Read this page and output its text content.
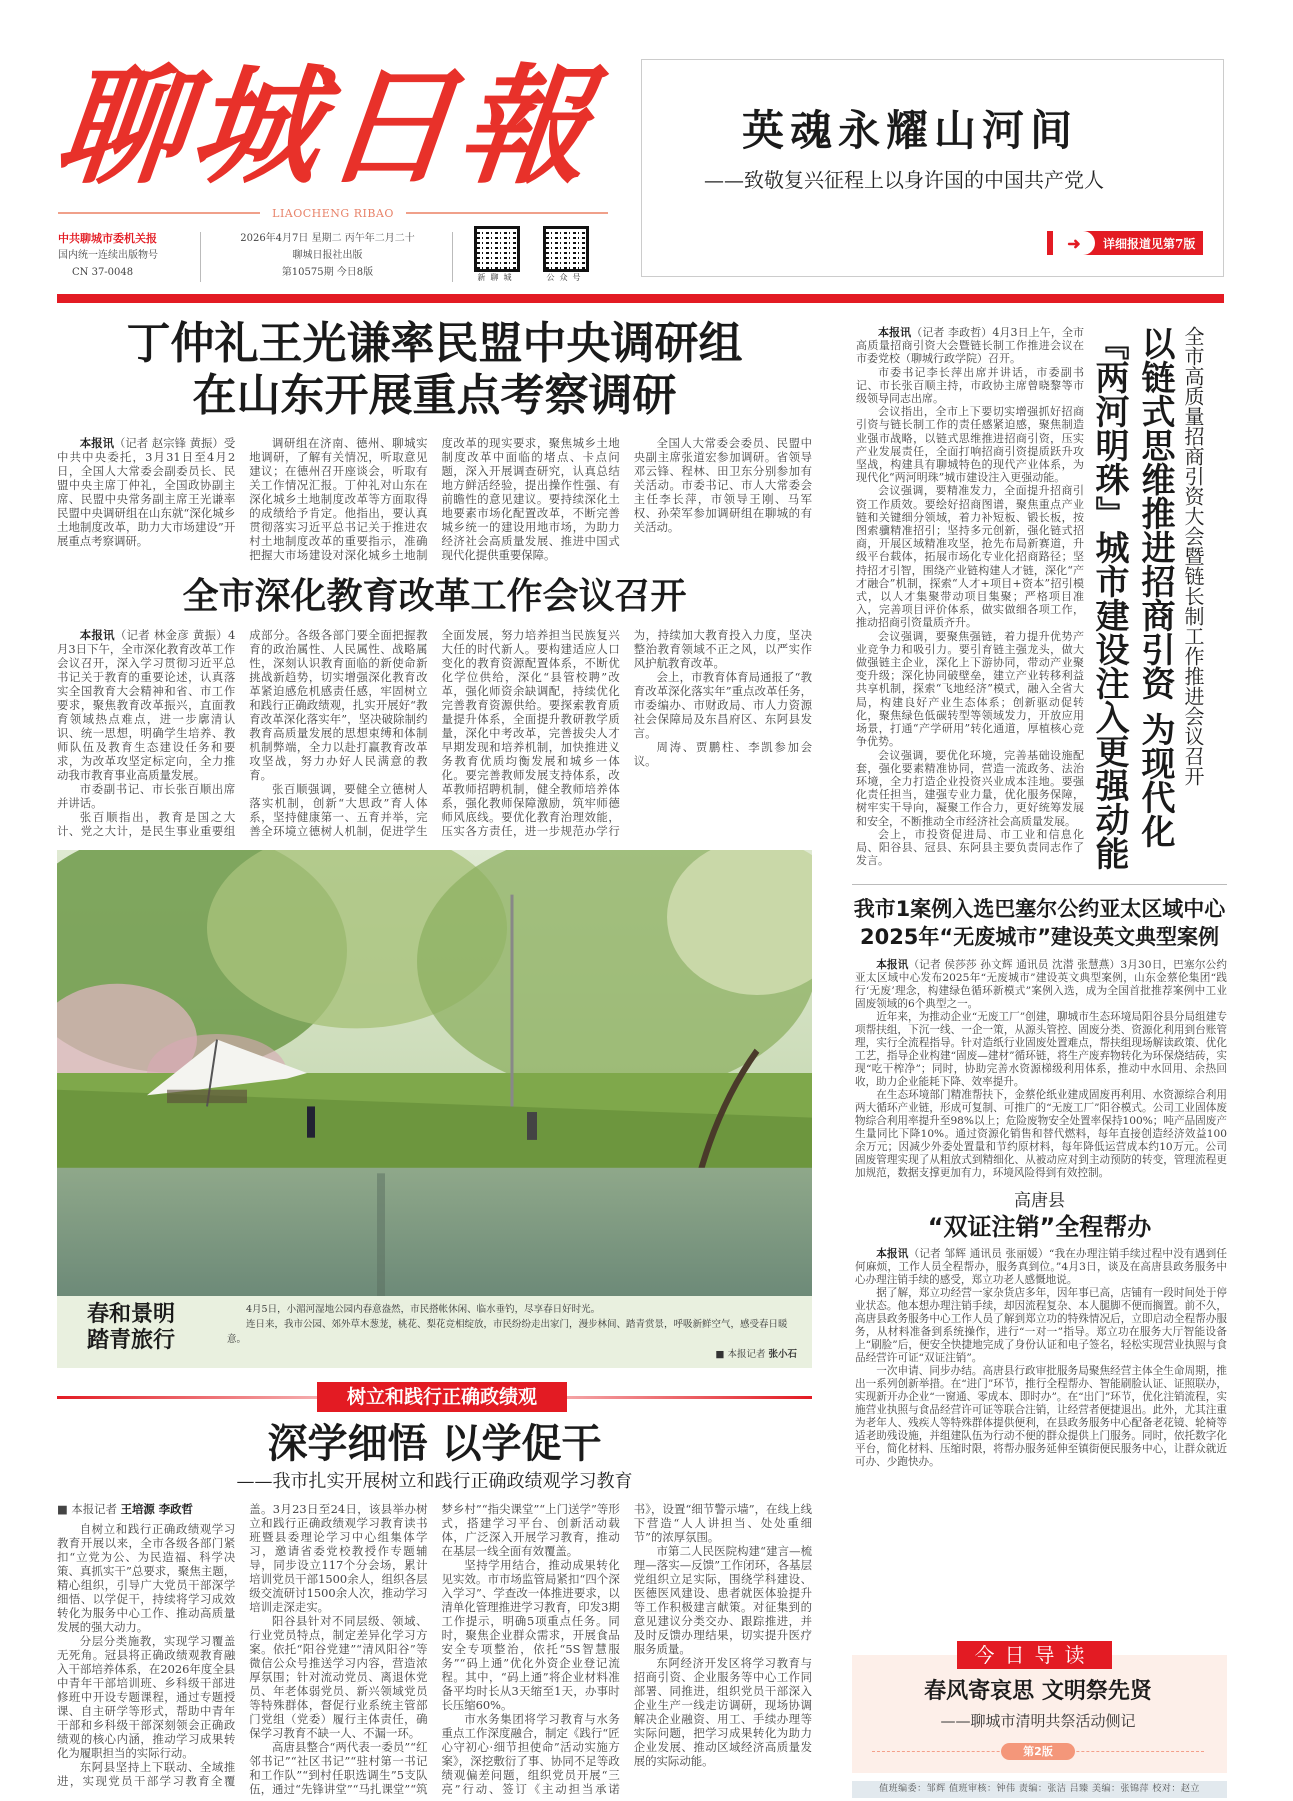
聊城日報
LIAOCHENG RIBAO
中共聊城市委机关报
国内统一连续出版物号
CN 37-0048
2026年4月7日 星期二 丙午年二月二十
聊城日报社出版
第10575期 今日8版	新聊城	公众号
英魂永耀山河间
——致敬复兴征程上以身许国的中国共产党人
➜	详细报道见第7版
丁仲礼王光谦率民盟中央调研组
在山东开展重点考察调研

本报讯（记者 赵宗锋 黄振）受中共中央委托，3月31日至4月2日，全国人大常委会副委员长、民盟中央主席丁仲礼，全国政协副主席、民盟中央常务副主席王光谦率民盟中央调研组在山东就“深化城乡土地制度改革，助力大市场建设”开展重点考察调研。

调研组在济南、德州、聊城实地调研，了解有关情况，听取意见建议；在德州召开座谈会，听取有关工作情况汇报。丁仲礼对山东在深化城乡土地制度改革等方面取得的成绩给予肯定。他指出，要认真贯彻落实习近平总书记关于推进农村土地制度改革的重要指示，准确把握大市场建设对深化城乡土地制度改革的现实要求，聚焦城乡土地制度改革中面临的堵点、卡点问题，深入开展调查研究，认真总结地方鲜活经验，提出操作性强、有前瞻性的意见建议。要持续深化土地要素市场化配置改革，不断完善城乡统一的建设用地市场，为助力经济社会高质量发展、推进中国式现代化提供重要保障。

全国人大常委会委员、民盟中央副主席张道宏参加调研。省领导邓云锋、程林、田卫东分别参加有关活动。市委书记、市人大常委会主任李长萍，市领导王刚、马军权、孙荣军参加调研组在聊城的有关活动。

全市深化教育改革工作会议召开

本报讯（记者 林金彦 黄振）4月3日下午，全市深化教育改革工作会议召开，深入学习贯彻习近平总书记关于教育的重要论述，认真落实全国教育大会精神和省、市工作要求，聚焦教育改革振兴，直面教育领域热点难点，进一步廓清认识、统一思想，明确学生培养、教师队伍及教育生态建设任务和要求，为改革攻坚定标定向，全力推动我市教育事业高质量发展。

市委副书记、市长张百顺出席并讲话。

张百顺指出，教育是国之大计、党之大计，是民生事业重要组成部分。各级各部门要全面把握教育的政治属性、人民属性、战略属性，深刻认识教育面临的新使命新挑战新趋势，切实增强深化教育改革紧迫感危机感责任感，牢固树立和践行正确政绩观，扎实开展好“教育改革深化落实年”，坚决破除制约教育高质量发展的思想束缚和体制机制弊端，全力以赴打赢教育改革攻坚战，努力办好人民满意的教育。

张百顺强调，要健全立德树人落实机制，创新“大思政”育人体系，坚持健康第一、五育并举，完善全环境立德树人机制，促进学生全面发展，努力培养担当民族复兴大任的时代新人。要构建适应人口变化的教育资源配置体系，不断优化学位供给，深化“县管校聘”改革，强化师资余缺调配，持续优化完善教育资源供给。要探索教育质量提升体系，全面提升教研教学质量，深化中考改革，完善拔尖人才早期发现和培养机制，加快推进义务教育优质均衡发展和城乡一体化。要完善教师发展支持体系，改革教师招聘机制，健全教师培养体系，强化教师保障激励，筑牢师德师风底线。要优化教育治理效能，压实各方责任，进一步规范办学行为，持续加大教育投入力度，坚决整治教育领域不正之风，以严实作风护航教育改革。

会上，市教育体育局通报了“教育改革深化落实年”重点改革任务，市委编办、市财政局、市人力资源社会保障局及东昌府区、东阿县发言。

周涛、贾鹏柱、李凯参加会议。

春和景明
踏青旅行

4月5日，小湄河湿地公园内春意盎然，市民搭帐休闲、临水垂钓，尽享春日好时光。

连日来，我市公园、郊外草木葱茏，桃花、梨花竞相绽放，市民纷纷走出家门，漫步林间、踏青赏景，呼吸新鲜空气，感受春日暖意。

■ 本报记者 张小石

树立和践行正确政绩观
深学细悟 以学促干
——我市扎实开展树立和践行正确政绩观学习教育

■ 本报记者 王培源 李政哲

自树立和践行正确政绩观学习教育开展以来，全市各级各部门紧扣“立党为公、为民造福、科学决策、真抓实干”总要求，聚焦主题，精心组织，引导广大党员干部深学细悟、以学促干，持续将学习成效转化为服务中心工作、推动高质量发展的强大动力。

分层分类施教，实现学习覆盖无死角。冠县将正确政绩观教育融入干部培养体系，在2026年度全县中青年干部培训班、乡科级干部进修班中开设专题课程，通过专题授课、自主研学等形式，帮助中青年干部和乡科级干部深刻领会正确政绩观的核心内涵，推动学习成果转化为履职担当的实际行动。

东阿县坚持上下联动、全域推进，实现党员干部学习教育全覆盖。3月23日至24日，该县举办树立和践行正确政绩观学习教育读书班暨县委理论学习中心组集体学习，邀请省委党校教授作专题辅导，同步设立117个分会场，累计培训党员干部1500余人，组织各层级交流研讨1500余人次，推动学习培训走深走实。

阳谷县针对不同层级、领域、行业党员特点，制定差异化学习方案。依托“阳谷党建”“清风阳谷”等微信公众号推送学习内容，营造浓厚氛围；针对流动党员、离退休党员、年老体弱党员、新兴领域党员等特殊群体，督促行业系统主管部门党组（党委）履行主体责任，确保学习教育不缺一人、不漏一环。

高唐县整合“两代表一委员”“红邻书记”“社区书记”“驻村第一书记和工作队”“到村任职选调生”5支队伍，通过“先锋讲堂”“马扎课堂”“筑梦乡村”“指尖课堂”“上门送学”等形式，搭建学习平台、创新活动载体，广泛深入开展学习教育，推动在基层一线全面有效覆盖。

坚持学用结合，推动成果转化见实效。市市场监管局紧扣“四个深入学习”、学查改一体推进要求，以清单化管理推进学习教育，印发3期工作提示，明确5项重点任务。同时，聚焦企业群众需求，开展食品安全专项整治，依托“5S智慧服务”“码上通”优化外资企业登记流程。其中，“码上通”将企业材料准备平均时长从3天缩至1天，办事时长压缩60%。

市水务集团将学习教育与水务重点工作深度融合，制定《践行“匠心守初心·细节担使命”活动实施方案》，深挖敷衍了事、协同不足等政绩观偏差问题，组织党员开展“三亮”行动、签订《主动担当承诺书》，设置“细节警示墙”，在线上线下营造“人人讲担当、处处重细节”的浓厚氛围。

市第二人民医院构建“建言—梳理—落实—反馈”工作闭环，各基层党组织立足实际，围绕学科建设、医德医风建设、患者就医体验提升等工作积极建言献策。对征集到的意见建议分类交办、跟踪推进，并及时反馈办理结果，切实提升医疗服务质量。

东阿经济开发区将学习教育与招商引资、企业服务等中心工作同部署、同推进，组织党员干部深入企业生产一线走访调研，现场协调解决企业融资、用工、手续办理等实际问题，把学习成果转化为助力企业发展、推动区域经济高质量发展的实际动能。

本报讯（记者 李政哲）4月3日上午，全市高质量招商引资大会暨链长制工作推进会议在市委党校（聊城行政学院）召开。

市委书记李长萍出席并讲话，市委副书记、市长张百顺主持，市政协主席曾晓黎等市级领导同志出席。

会议指出，全市上下要切实增强抓好招商引资与链长制工作的责任感紧迫感，聚焦制造业强市战略，以链式思维推进招商引资，压实产业发展责任，全面打响招商引资提质跃升攻坚战，构建具有聊城特色的现代产业体系，为现代化“两河明珠”城市建设注入更强动能。

会议强调，要精准发力，全面提升招商引资工作质效。要绘好招商图谱，聚焦重点产业链和关键细分领域，着力补短板、锻长板，按图索骥精准招引；坚持多元创新，强化链式招商，开展区域精准攻坚，抢先布局新赛道，升级平台载体，拓展市场化专业化招商路径；坚持招才引智，围绕产业链构建人才链，深化“产才融合”机制，探索“人才+项目+资本”招引模式，以人才集聚带动项目集聚；严格项目准入，完善项目评价体系，做实做细各项工作，推动招商引资量质齐升。

会议强调，要聚焦强链，着力提升优势产业竞争力和吸引力。要引育链主强龙头，做大做强链主企业，深化上下游协同，带动产业聚变升级；深化协同破壁垒，建立产业转移利益共享机制，探索“飞地经济”模式，融入全省大局，构建良好产业生态体系；创新驱动促转化，聚焦绿色低碳转型等领域发力，开放应用场景，打通“产学研用”转化通道，厚植核心竞争优势。

会议强调，要优化环境，完善基础设施配套，强化要素精准协同，营造一流政务、法治环境，全力打造企业投资兴业成本洼地。要强化责任担当，建强专业力量，优化服务保障，树牢实干导向，凝聚工作合力，更好统筹发展和安全，不断推动全市经济社会高质量发展。

会上，市投资促进局、市工业和信息化局、阳谷县、冠县、东阿县主要负责同志作了发言。	『两河明珠』城市建设注入更强动能 以链式思维推进招商引资 为现代化 全市高质量招商引资大会暨链长制工作推进会议召开
我市1案例入选巴塞尔公约亚太区域中心
2025年“无废城市”建设英文典型案例

本报讯（记者 侯莎莎 孙文辉 通讯员 沈潜 张慧燕）3月30日，巴塞尔公约亚太区域中心发布2025年“无废城市”建设英文典型案例，山东金蔡伦集团“践行‘无废’理念，构建绿色循环新模式”案例入选，成为全国首批推荐案例中工业固废领域的6个典型之一。

近年来，为推动企业“无废工厂”创建，聊城市生态环境局阳谷县分局组建专项帮扶组，下沉一线、一企一策，从源头管控、固废分类、资源化利用到台账管理，实行全流程指导。针对造纸行业固废处置难点，帮扶组现场解读政策、优化工艺，指导企业构建“固废—建材”循环链，将生产废弃物转化为环保烧结砖，实现“吃干榨净”；同时，协助完善水资源梯级利用体系，推动中水回用、余热回收，助力企业能耗下降、效率提升。

在生态环境部门精准帮扶下，金蔡伦纸业建成固废再利用、水资源综合利用两大循环产业链，形成可复制、可推广的“无废工厂”阳谷模式。公司工业固体废物综合利用率提升至98%以上；危险废物安全处置率保持100%；吨产品固废产生量同比下降10%。通过资源化销售和替代燃料，每年直接创造经济效益100余万元；因减少外委处置量和节约原材料，每年降低运营成本约10万元。公司固废管理实现了从粗放式到精细化、从被动应对到主动预防的转变，管理流程更加规范，数据支撑更加有力，环境风险得到有效控制。

高唐县
“双证注销”全程帮办

本报讯（记者 邹辉 通讯员 张丽媛）“我在办理注销手续过程中没有遇到任何麻烦，工作人员全程帮办，服务真到位。”4月3日，谈及在高唐县政务服务中心办理注销手续的感受，郑立功老人感慨地说。

据了解，郑立功经营一家杂货店多年，因年事已高，店铺有一段时间处于停业状态。他本想办理注销手续，却因流程复杂、本人腿脚不便而搁置。前不久，高唐县政务服务中心工作人员了解到郑立功的特殊情况后，立即启动全程帮办服务，从材料准备到系统操作，进行“一对一”指导。郑立功在服务大厅智能设备上“刷脸”后，便安全快捷地完成了身份认证和电子签名，轻松实现营业执照与食品经营许可证“双证注销”。

一次申请、同步办结。高唐县行政审批服务局聚焦经营主体全生命周期，推出一系列创新举措。在“进门”环节，推行全程帮办、智能刷脸认证、证照联办，实现新开办企业“一窗通、零成本、即时办”。在“出门”环节，优化注销流程，实施营业执照与食品经营许可证等联合注销，让经营者便捷退出。此外，尤其注重为老年人、残疾人等特殊群体提供便利，在县政务服务中心配备老花镜、轮椅等适老助残设施，并组建队伍为行动不便的群众提供上门服务。同时，依托数字化平台，简化材料、压缩时限，将帮办服务延伸至镇街便民服务中心，让群众就近可办、少跑快办。

今日导读
春风寄哀思 文明祭先贤
——聊城市清明共祭活动侧记
第2版
值班编委：邹辉 值班审核：钟伟 责编：张洁 吕臻 美编：张锦萍 校对：赵立
